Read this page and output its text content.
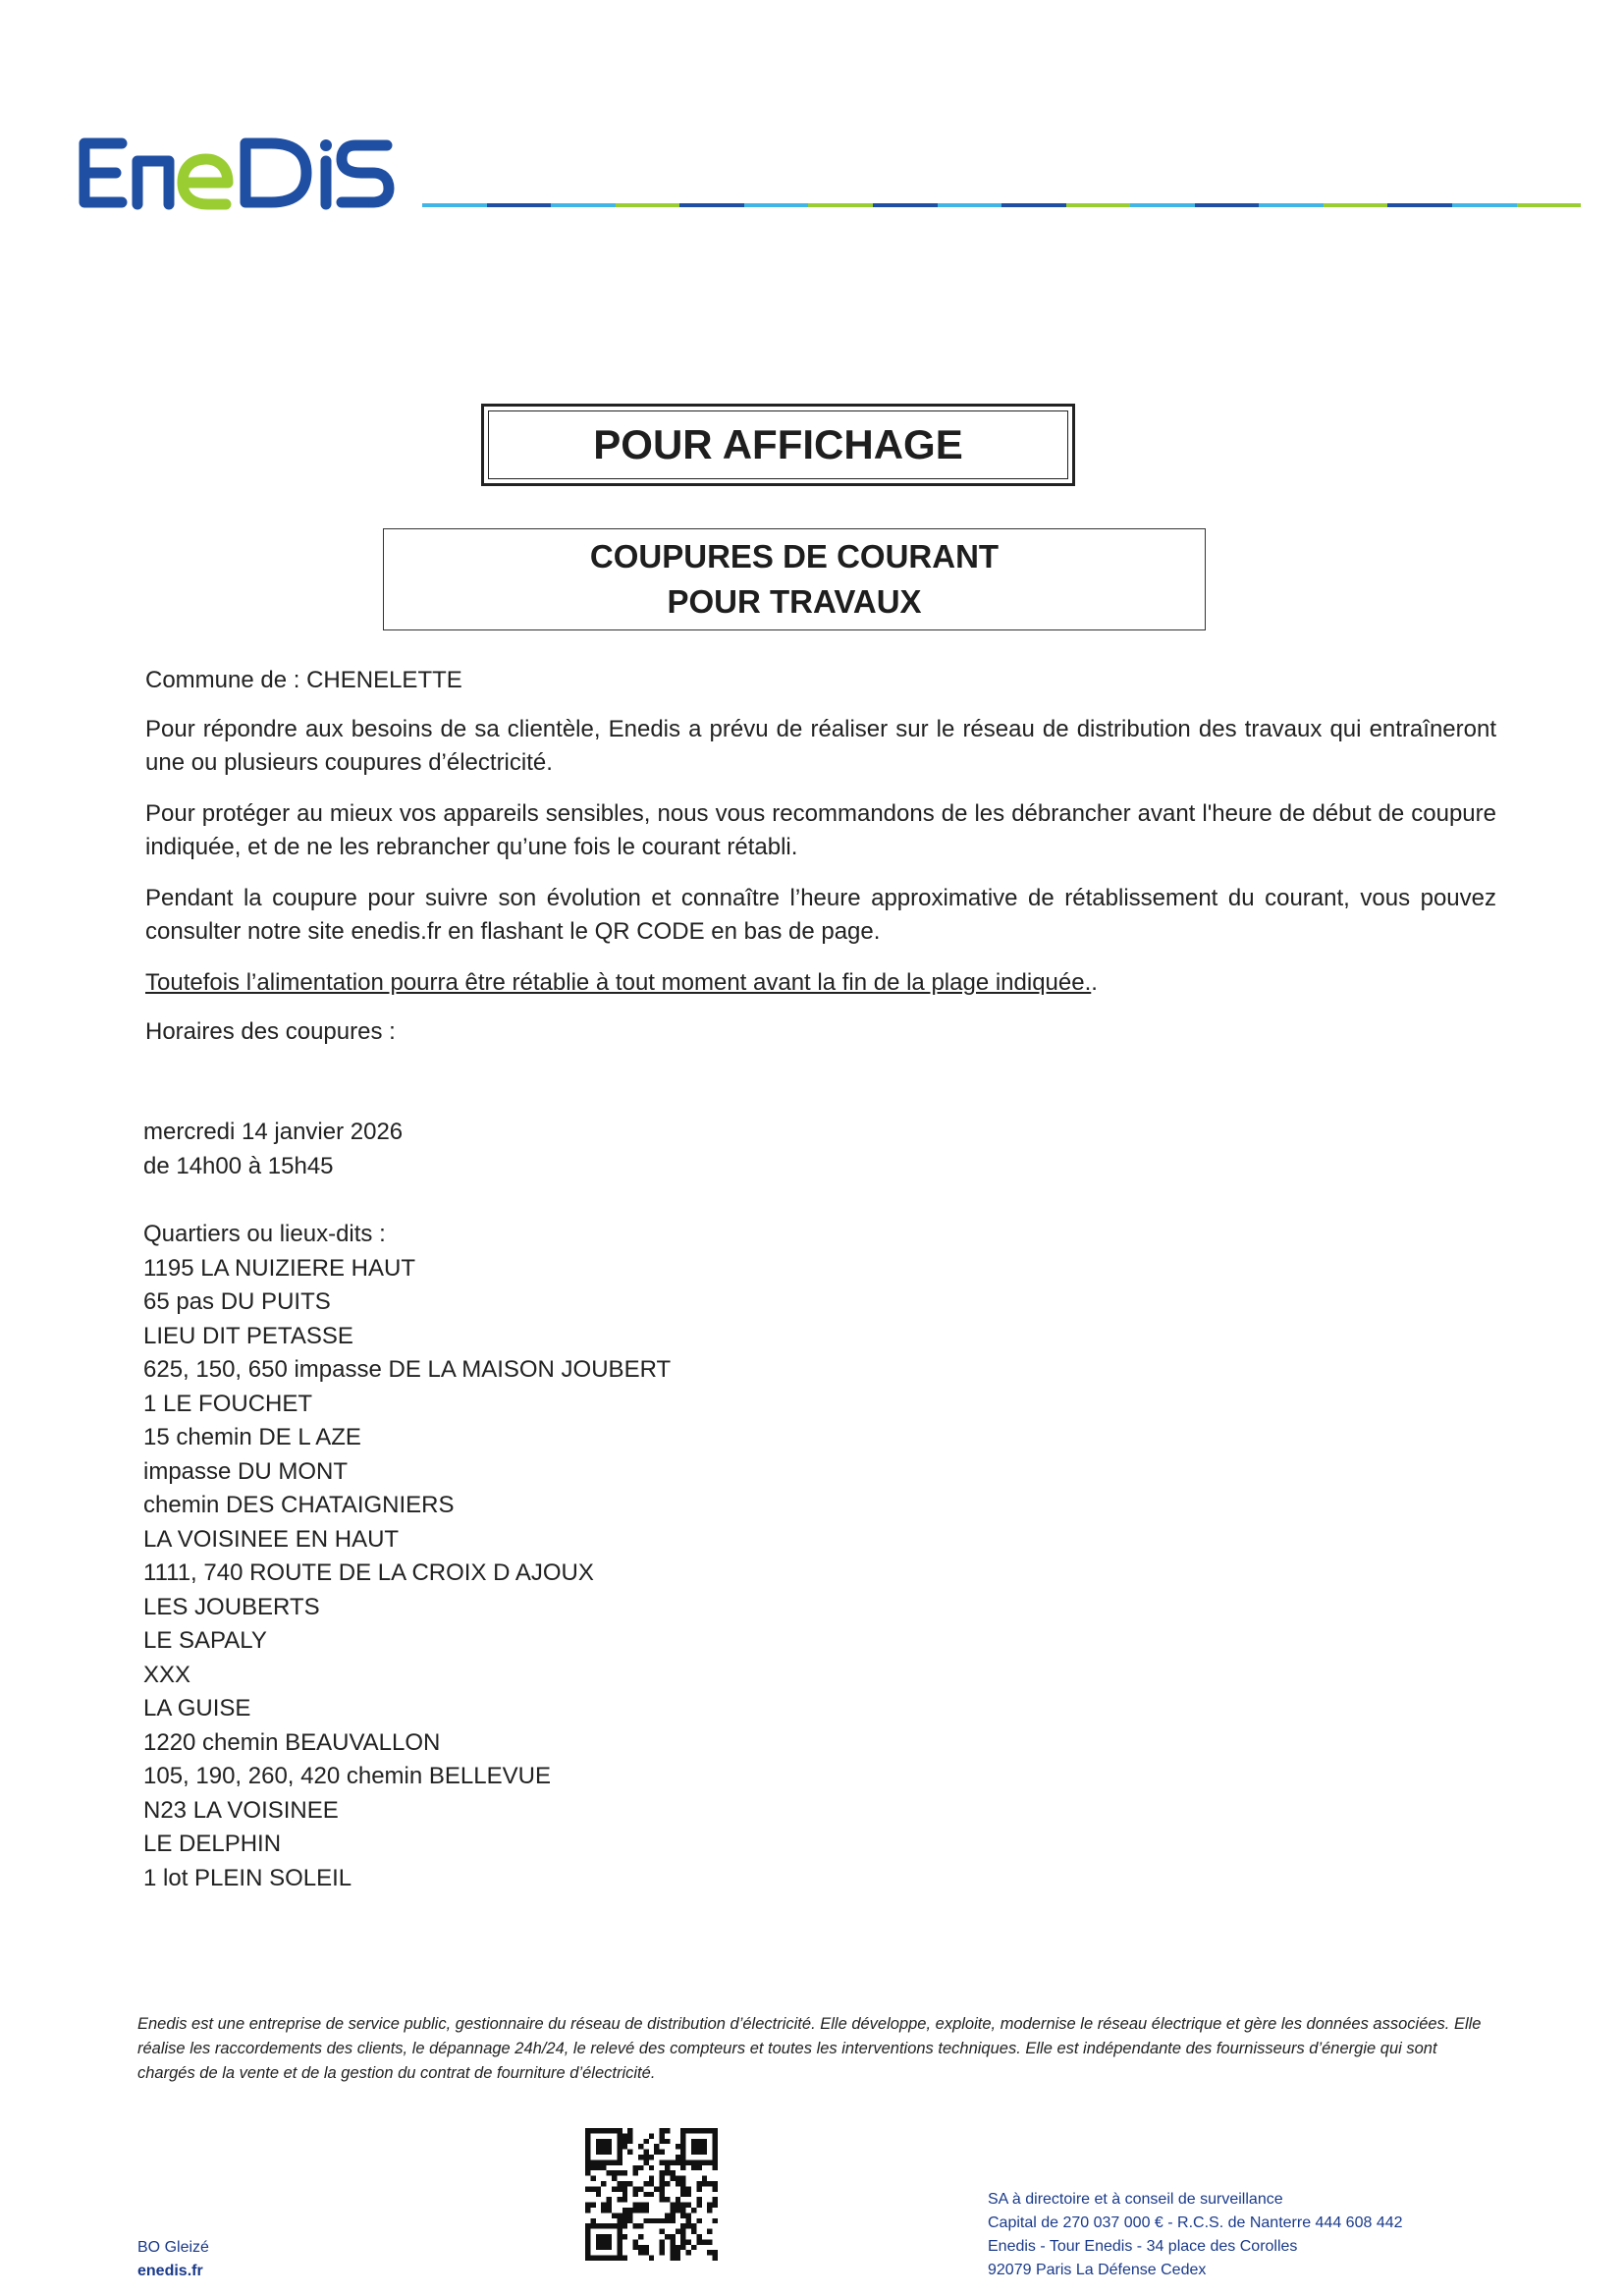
POUR AFFICHAGE
COUPURES DE COURANT
POUR TRAVAUX
Commune de : CHENELETTE
Pour répondre aux besoins de sa clientèle, Enedis a prévu de réaliser sur le réseau de distribution des travaux qui entraîneront une ou plusieurs coupures d’électricité.
Pour protéger au mieux vos appareils sensibles, nous vous recommandons de les débrancher avant l'heure de début de coupure indiquée, et de ne les rebrancher qu’une fois le courant rétabli.
Pendant la coupure pour suivre son évolution et connaître l’heure approximative de rétablissement du courant, vous pouvez consulter notre site enedis.fr en flashant le QR CODE en bas de page.
Toutefois l’alimentation pourra être rétablie à tout moment avant la fin de la plage indiquée..
Horaires des coupures :
mercredi 14 janvier 2026
de 14h00 à 15h45
Quartiers ou lieux-dits :
1195 LA NUIZIERE HAUT
65 pas DU PUITS
LIEU DIT PETASSE
625, 150, 650 impasse DE LA MAISON JOUBERT
1 LE FOUCHET
15 chemin DE L AZE
impasse DU MONT
chemin DES CHATAIGNIERS
LA VOISINEE EN HAUT
1111, 740 ROUTE DE LA CROIX D AJOUX
LES JOUBERTS
LE SAPALY
XXX
LA GUISE
1220 chemin BEAUVALLON
105, 190, 260, 420 chemin BELLEVUE
N23 LA VOISINEE
LE DELPHIN
1 lot PLEIN SOLEIL
Enedis est une entreprise de service public, gestionnaire du réseau de distribution d’électricité. Elle développe, exploite, modernise le réseau électrique et gère les données associées. Elle réalise les raccordements des clients, le dépannage 24h/24, le relevé des compteurs et toutes les interventions techniques. Elle est indépendante des fournisseurs d’énergie qui sont chargés de la vente et de la gestion du contrat de fourniture d’électricité.
BO Gleizé
enedis.fr
SA à directoire et à conseil de surveillance
Capital de 270 037 000 € - R.C.S. de Nanterre 444 608 442
Enedis - Tour Enedis - 34 place des Corolles
92079 Paris La Défense Cedex
